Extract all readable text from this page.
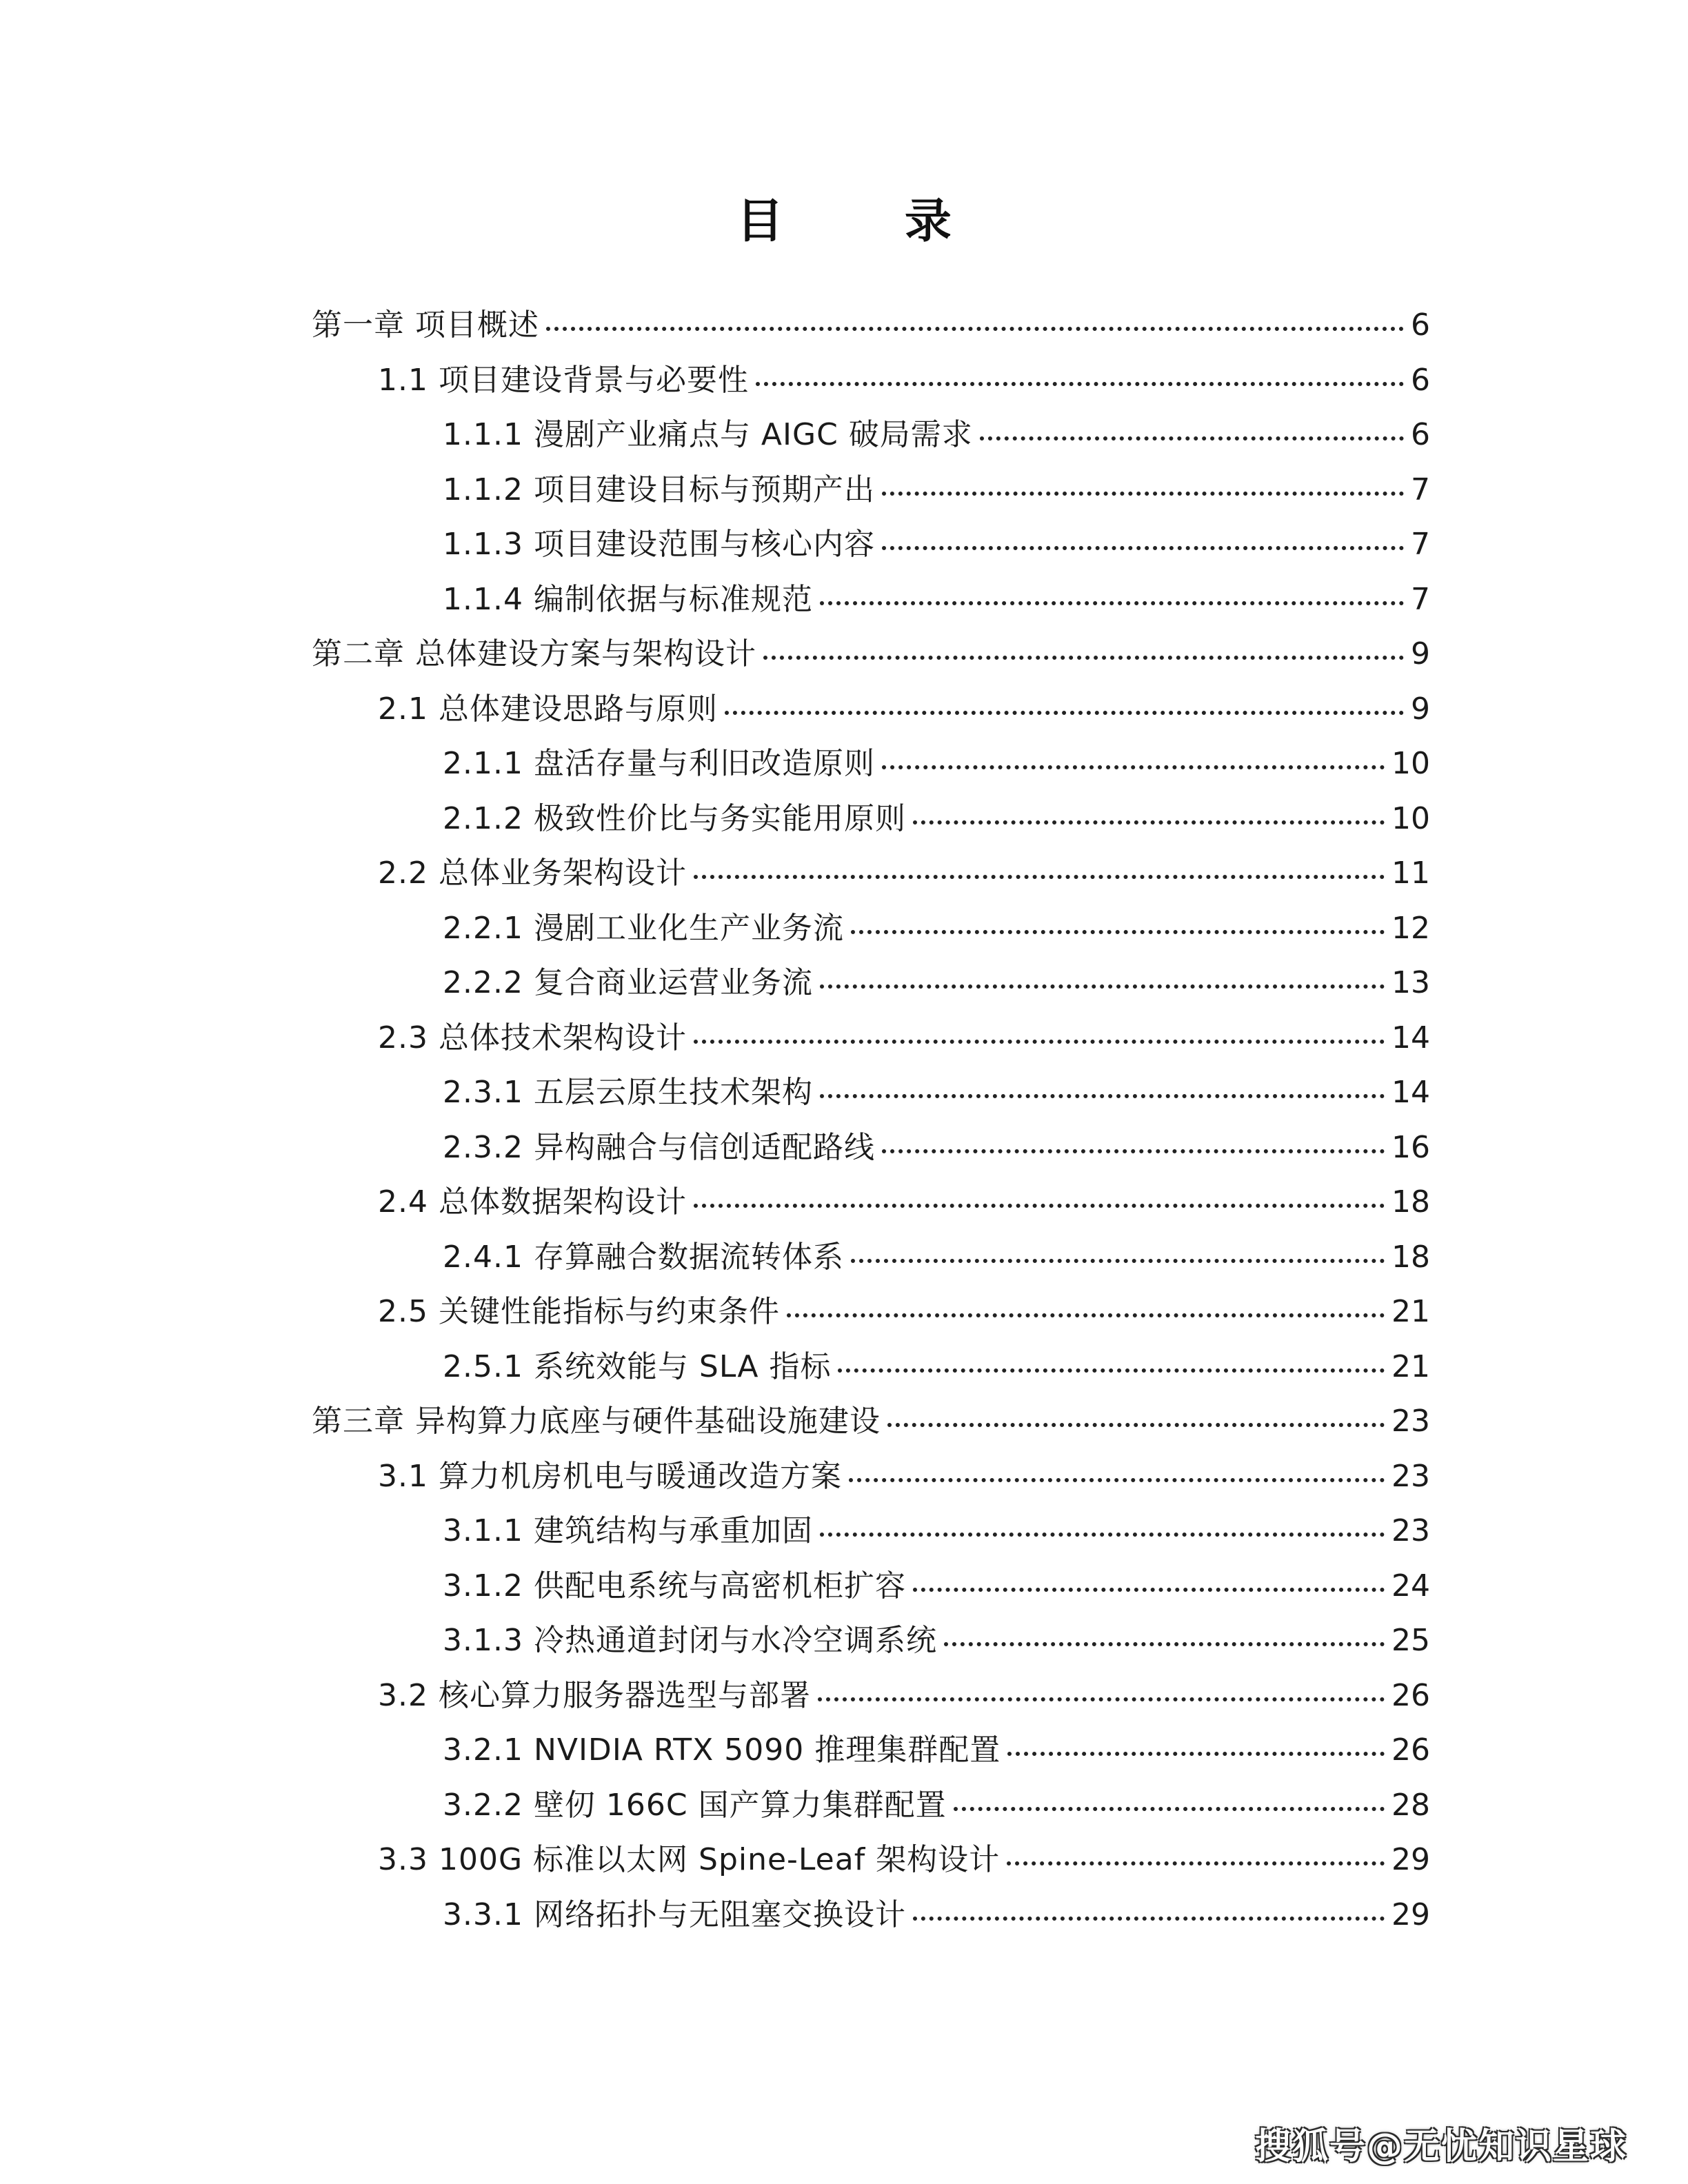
目 录
第一章 项目概述	6
1.1 项目建设背景与必要性	6
1.1.1 漫剧产业痛点与 AIGC 破局需求	6
1.1.2 项目建设目标与预期产出	7
1.1.3 项目建设范围与核心内容	7
1.1.4 编制依据与标准规范	7
第二章 总体建设方案与架构设计	9
2.1 总体建设思路与原则	9
2.1.1 盘活存量与利旧改造原则	10
2.1.2 极致性价比与务实能用原则	10
2.2 总体业务架构设计	11
2.2.1 漫剧工业化生产业务流	12
2.2.2 复合商业运营业务流	13
2.3 总体技术架构设计	14
2.3.1 五层云原生技术架构	14
2.3.2 异构融合与信创适配路线	16
2.4 总体数据架构设计	18
2.4.1 存算融合数据流转体系	18
2.5 关键性能指标与约束条件	21
2.5.1 系统效能与 SLA 指标	21
第三章 异构算力底座与硬件基础设施建设	23
3.1 算力机房机电与暖通改造方案	23
3.1.1 建筑结构与承重加固	23
3.1.2 供配电系统与高密机柜扩容	24
3.1.3 冷热通道封闭与水冷空调系统	25
3.2 核心算力服务器选型与部署	26
3.2.1 NVIDIA RTX 5090 推理集群配置	26
3.2.2 壁仞 166C 国产算力集群配置	28
3.3 100G 标准以太网 Spine-Leaf 架构设计	29
3.3.1 网络拓扑与无阻塞交换设计	29
搜狐号@无忧知识星球
